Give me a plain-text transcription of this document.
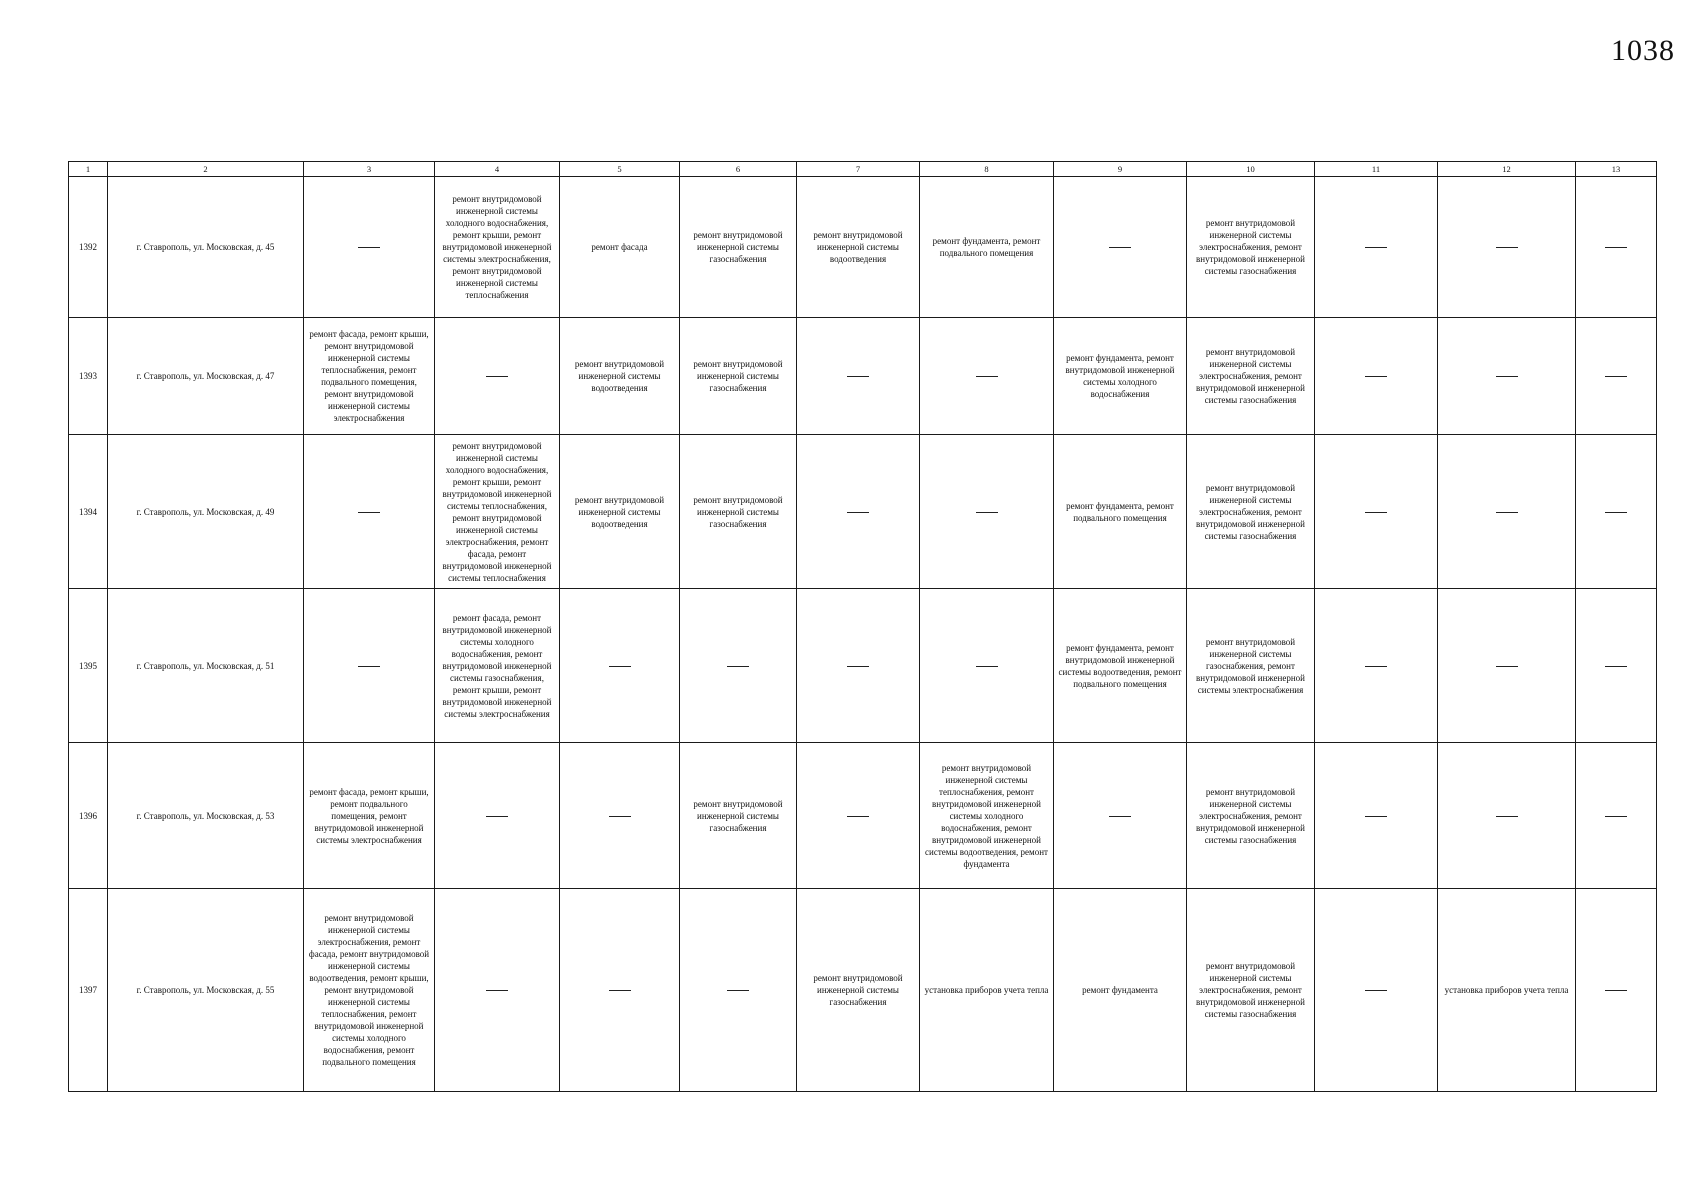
1038
1	2	3	4	5	6	7	8	9	10	11	12	13
1392	г. Ставрополь, ул. Московская, д. 45		ремонт внутридомовой инженерной системы холодного водоснабжения, ремонт крыши, ремонт внутридомовой инженерной системы электроснабжения, ремонт внутридомовой инженерной системы теплоснабжения	ремонт фасада	ремонт внутридомовой инженерной системы газоснабжения	ремонт внутридомовой инженерной системы водоотведения	ремонт фундамента, ремонт подвального помещения		ремонт внутридомовой инженерной системы электроснабжения, ремонт внутридомовой инженерной системы газоснабжения			
1393	г. Ставрополь, ул. Московская, д. 47	ремонт фасада, ремонт крыши, ремонт внутридомовой инженерной системы теплоснабжения, ремонт подвального помещения, ремонт внутридомовой инженерной системы электроснабжения		ремонт внутридомовой инженерной системы водоотведения	ремонт внутридомовой инженерной системы газоснабжения			ремонт фундамента, ремонт внутридомовой инженерной системы холодного водоснабжения	ремонт внутридомовой инженерной системы электроснабжения, ремонт внутридомовой инженерной системы газоснабжения			
1394	г. Ставрополь, ул. Московская, д. 49		ремонт внутридомовой инженерной системы холодного водоснабжения, ремонт крыши, ремонт внутридомовой инженерной системы теплоснабжения, ремонт внутридомовой инженерной системы электроснабжения, ремонт фасада, ремонт внутридомовой инженерной системы теплоснабжения	ремонт внутридомовой инженерной системы водоотведения	ремонт внутридомовой инженерной системы газоснабжения			ремонт фундамента, ремонт подвального помещения	ремонт внутридомовой инженерной системы электроснабжения, ремонт внутридомовой инженерной системы газоснабжения			
1395	г. Ставрополь, ул. Московская, д. 51		ремонт фасада, ремонт внутридомовой инженерной системы холодного водоснабжения, ремонт внутридомовой инженерной системы газоснабжения, ремонт крыши, ремонт внутридомовой инженерной системы электроснабжения					ремонт фундамента, ремонт внутридомовой инженерной системы водоотведения, ремонт подвального помещения	ремонт внутридомовой инженерной системы газоснабжения, ремонт внутридомовой инженерной системы электроснабжения			
1396	г. Ставрополь, ул. Московская, д. 53	ремонт фасада, ремонт крыши, ремонт подвального помещения, ремонт внутридомовой инженерной системы электроснабжения			ремонт внутридомовой инженерной системы газоснабжения		ремонт внутридомовой инженерной системы теплоснабжения, ремонт внутридомовой инженерной системы холодного водоснабжения, ремонт внутридомовой инженерной системы водоотведения, ремонт фундамента		ремонт внутридомовой инженерной системы электроснабжения, ремонт внутридомовой инженерной системы газоснабжения			
1397	г. Ставрополь, ул. Московская, д. 55	ремонт внутридомовой инженерной системы электроснабжения, ремонт фасада, ремонт внутридомовой инженерной системы водоотведения, ремонт крыши, ремонт внутридомовой инженерной системы теплоснабжения, ремонт внутридомовой инженерной системы холодного водоснабжения, ремонт подвального помещения				ремонт внутридомовой инженерной системы газоснабжения	установка приборов учета тепла	ремонт фундамента	ремонт внутридомовой инженерной системы электроснабжения, ремонт внутридомовой инженерной системы газоснабжения		установка приборов учета тепла	
